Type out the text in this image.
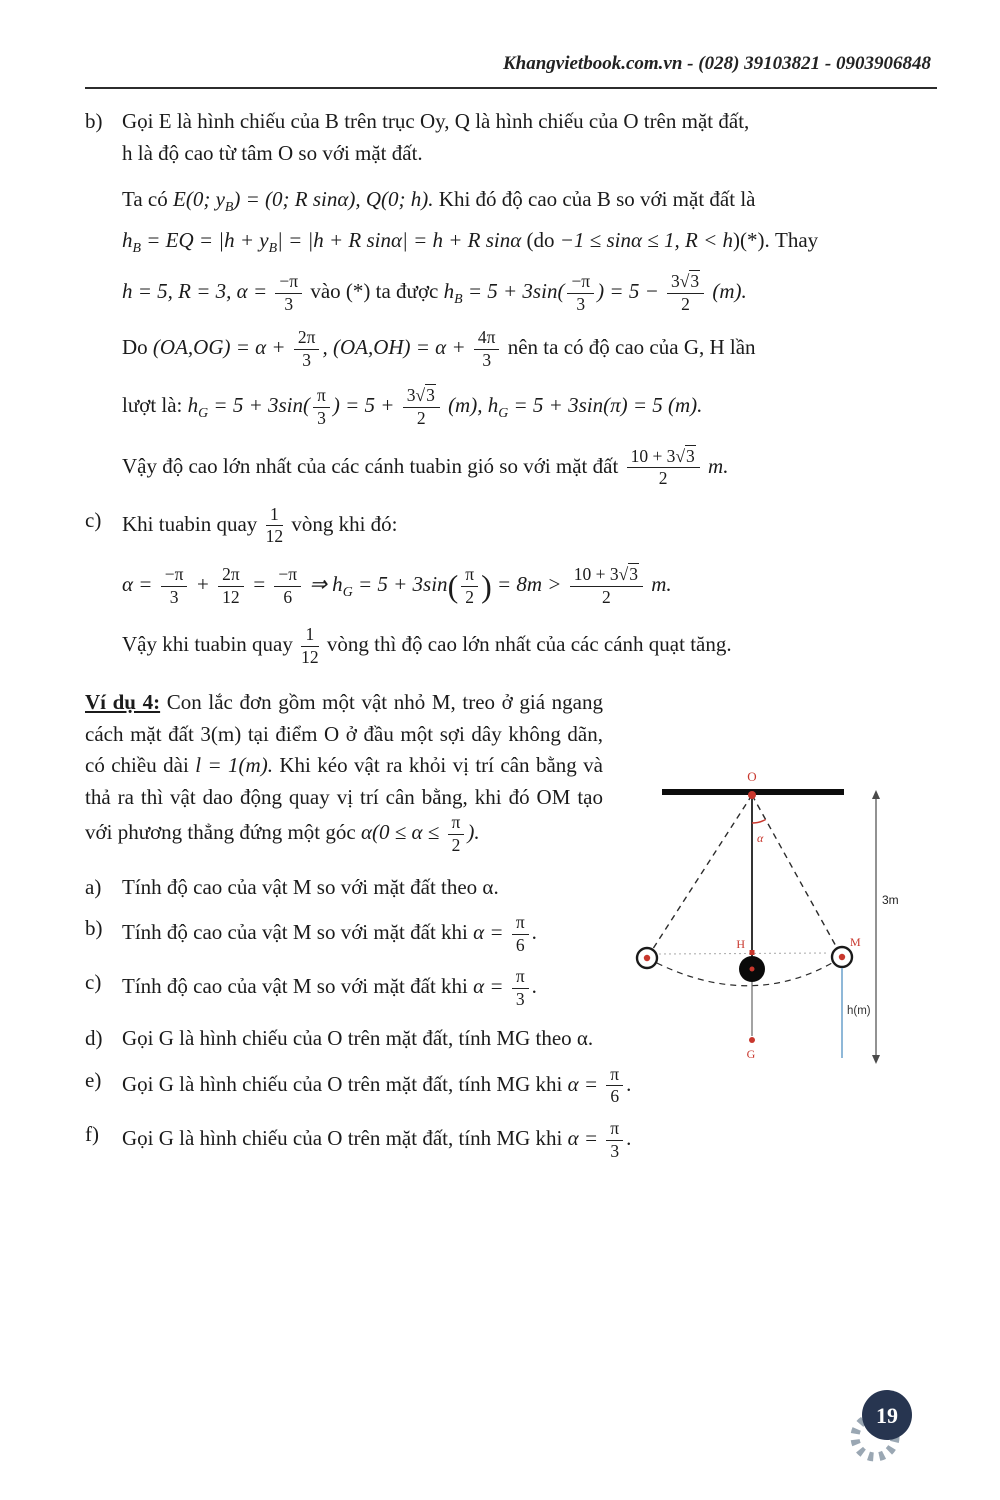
Khangvietbook.com.vn - (028) 39103821 - 0903906848
b) Gọi E là hình chiếu của B trên trục Oy, Q là hình chiếu của O trên mặt đất,
h là độ cao từ tâm O so với mặt đất.
Ta có E(0; $y_B) = (0$; R sinα), Q(0; h). Khi đó độ cao của B so với mặt đất là
$h_B$ = EQ = $|h + y_B| = |h + R$ sinα| = h + R sinα (do −1 ≤ sinα ≤ 1, R < h)(*). Thay
h = 5, R = 3, $\alpha = \frac{-\pi}{3}$ vào (*) ta được $h_B = 5 + 3\sin( \frac{-\pi}{3}$ ) = $5 - \frac{3 √ 3}{2} (m)$.
Do $(OA,OG) = \alpha + \frac{2\pi}{3}$ , $(OA,OH) = \alpha + \frac{4\pi}{3}$ nên ta có độ cao của G, H lần
lượt là: $h_G = 5 + 3\sin( \frac{\pi}{3}$ ) = $5 + \frac{3 √ 3}{2} (m)$, $h_G = 5 + 3\sin(\pi) = 5$ (m).
Vậy độ cao lớn nhất của các cánh tuabin gió so với mặt đất $\frac{10 + 3 √ 3}{2} m$.
c) Khi tuabin quay $\frac{1}{12}$ vòng khi đó:
$\alpha = \frac{-\pi}{3} + \frac{2\pi}{12} = \frac{-\pi}{6}$ ⇒ $h_G = 5 + 3\sin( \frac{\pi}{2}$ ) = $8m > \frac{10 + 3 √ 3}{2} m$.
Vậy khi tuabin quay $\frac{1}{12}$ vòng thì độ cao lớn nhất của các cánh quạt tăng.
Ví dụ 4: Con lắc đơn gồm một vật nhỏ M, treo ở giá ngang cách mặt đất 3(m) tại điểm O ở đầu một sợi dây không dãn, có chiều dài l = 1(m). Khi kéo vật ra khỏi vị trí cân bằng và thả ra thì vật dao động quay vị trí cân bằng, khi đó OM tạo với phương thẳng đứng một góc $\alpha(0 \le \alpha \le \frac{\pi}{2}$ ).
a) Tính độ cao của vật M so với mặt đất theo α.
b) Tính độ cao của vật M so với mặt đất khi $\alpha = \frac{\pi}{6}$ .
c) Tính độ cao của vật M so với mặt đất khi $\alpha = \frac{\pi}{3}$ .
d) Gọi G là hình chiếu của O trên mặt đất, tính MG theo α.
e) Gọi G là hình chiếu của O trên mặt đất, tính MG khi $\alpha = \frac{\pi}{6}$ .
f)	Gọi G là hình chiếu của O trên mặt đất, tính MG khi $\alpha = \frac{\pi}{3}$ .
3m
α
O
H	M
G
h(m)
19
